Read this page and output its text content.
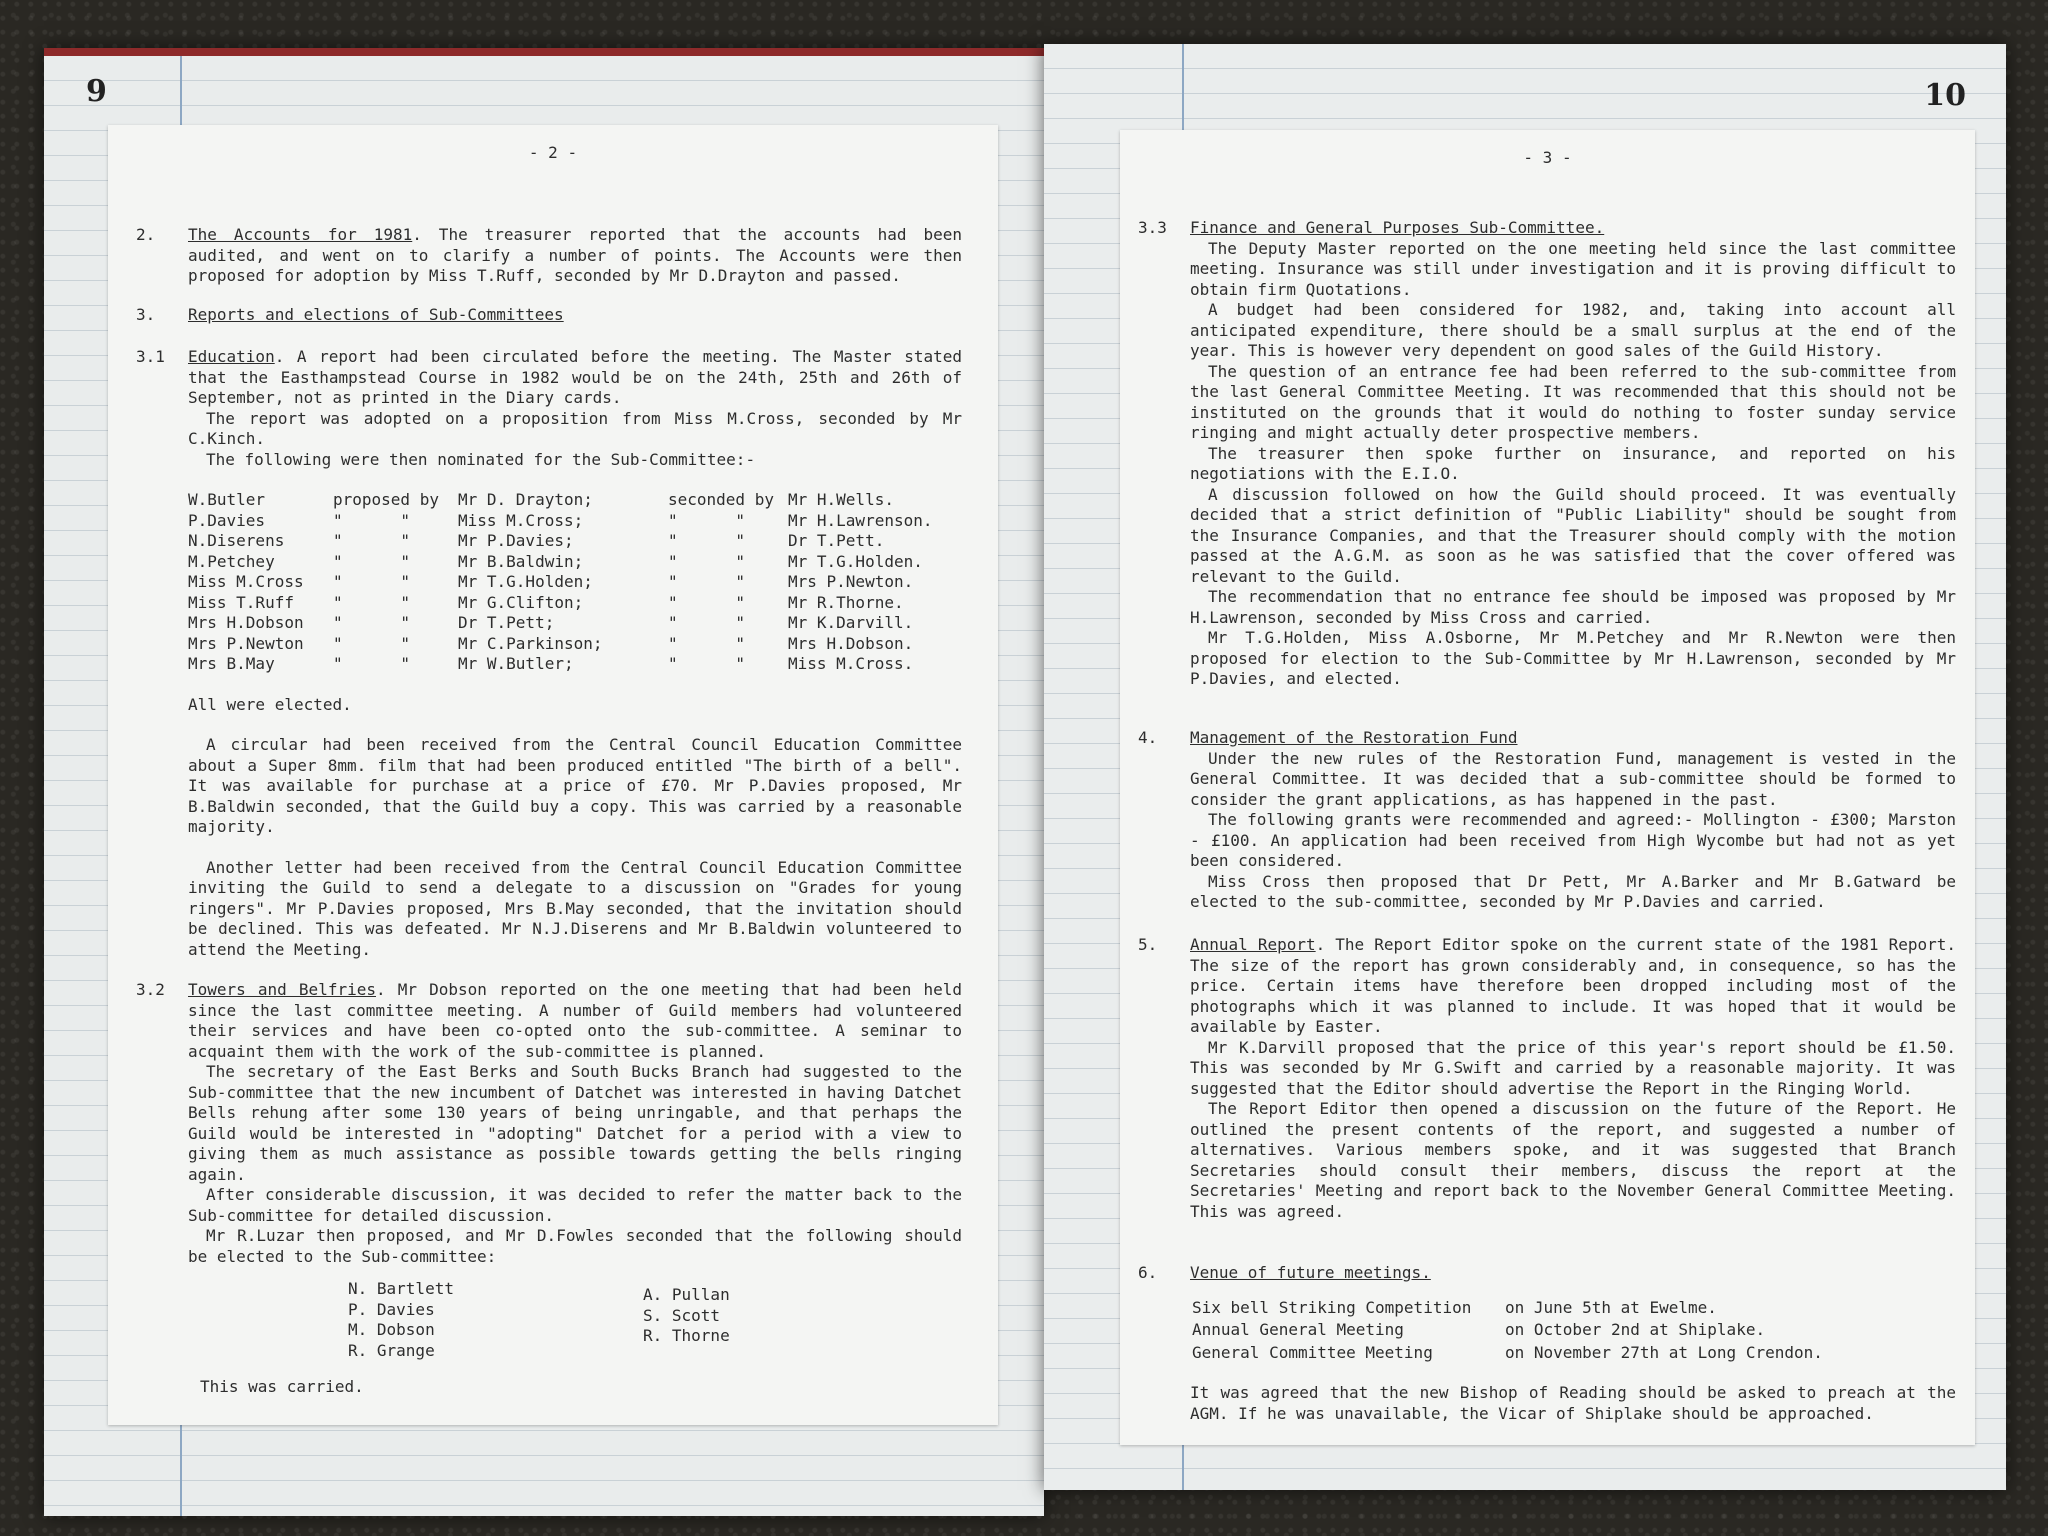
9	10
- 2 -
2.	The Accounts for 1981. The treasurer reported that the accounts had been audited, and went on to clarify a number of points. The Accounts were then proposed for adoption by Miss T.Ruff, seconded by Mr D.Drayton and passed.
3.	Reports and elections of Sub-Committees
3.1	Education. A report had been circulated before the meeting. The Master stated that the Easthampstead Course in 1982 would be on the 24th, 25th and 26th of September, not as printed in the Diary cards.

The report was adopted on a proposition from Miss M.Cross, seconded by Mr C.Kinch.

The following were then nominated for the Sub-Committee:-

W.Butler	proposed by	Mr D. Drayton;	seconded by	Mr H.Wells.
P.Davies	"      "	Miss M.Cross;	"      "	Mr H.Lawrenson.
N.Diserens	"      "	Mr P.Davies;	"      "	Dr T.Pett.
M.Petchey	"      "	Mr B.Baldwin;	"      "	Mr T.G.Holden.
Miss M.Cross	"      "	Mr T.G.Holden;	"      "	Mrs P.Newton.
Miss T.Ruff	"      "	Mr G.Clifton;	"      "	Mr R.Thorne.
Mrs H.Dobson	"      "	Dr T.Pett;	"      "	Mr K.Darvill.
Mrs P.Newton	"      "	Mr C.Parkinson;	"      "	Mrs H.Dobson.
Mrs B.May	"      "	Mr W.Butler;	"      "	Miss M.Cross.

All were elected.

A circular had been received from the Central Council Education Committee about a Super 8mm. film that had been produced entitled "The birth of a bell". It was available for purchase at a price of £70. Mr P.Davies proposed, Mr B.Baldwin seconded, that the Guild buy a copy. This was carried by a reasonable majority.

Another letter had been received from the Central Council Education Committee inviting the Guild to send a delegate to a discussion on "Grades for young ringers". Mr P.Davies proposed, Mrs B.May seconded, that the invitation should be declined. This was defeated. Mr N.J.Diserens and Mr B.Baldwin volunteered to attend the Meeting.

3.2	Towers and Belfries. Mr Dobson reported on the one meeting that had been held since the last committee meeting. A number of Guild members had volunteered their services and have been co-opted onto the sub-committee. A seminar to acquaint them with the work of the sub-committee is planned.

The secretary of the East Berks and South Bucks Branch had suggested to the Sub-committee that the new incumbent of Datchet was interested in having Datchet Bells rehung after some 130 years of being unringable, and that perhaps the Guild would be interested in "adopting" Datchet for a period with a view to giving them as much assistance as possible towards getting the bells ringing again.

After considerable discussion, it was decided to refer the matter back to the Sub-committee for detailed discussion.

Mr R.Luzar then proposed, and Mr D.Fowles seconded that the following should be elected to the Sub-committee:

N. Bartlett
P. Davies
M. Dobson
R. Grange
A. Pullan
S. Scott
R. Thorne

This was carried.

- 3 -
3.3	Finance and General Purposes Sub-Committee.

The Deputy Master reported on the one meeting held since the last committee meeting. Insurance was still under investigation and it is proving difficult to obtain firm Quotations.

A budget had been considered for 1982, and, taking into account all anticipated expenditure, there should be a small surplus at the end of the year. This is however very dependent on good sales of the Guild History.

The question of an entrance fee had been referred to the sub-committee from the last General Committee Meeting. It was recommended that this should not be instituted on the grounds that it would do nothing to foster sunday service ringing and might actually deter prospective members.

The treasurer then spoke further on insurance, and reported on his negotiations with the E.I.O.

A discussion followed on how the Guild should proceed. It was eventually decided that a strict definition of "Public Liability" should be sought from the Insurance Companies, and that the Treasurer should comply with the motion passed at the A.G.M. as soon as he was satisfied that the cover offered was relevant to the Guild.

The recommendation that no entrance fee should be imposed was proposed by Mr H.Lawrenson, seconded by Miss Cross and carried.

Mr T.G.Holden, Miss A.Osborne, Mr M.Petchey and Mr R.Newton were then proposed for election to the Sub-Committee by Mr H.Lawrenson, seconded by Mr P.Davies, and elected.

4.	Management of the Restoration Fund

Under the new rules of the Restoration Fund, management is vested in the General Committee. It was decided that a sub-committee should be formed to consider the grant applications, as has happened in the past.

The following grants were recommended and agreed:- Mollington - £300; Marston - £100. An application had been received from High Wycombe but had not as yet been considered.

Miss Cross then proposed that Dr Pett, Mr A.Barker and Mr B.Gatward be elected to the sub-committee, seconded by Mr P.Davies and carried.

5.	Annual Report. The Report Editor spoke on the current state of the 1981 Report. The size of the report has grown considerably and, in consequence, so has the price. Certain items have therefore been dropped including most of the photographs which it was planned to include. It was hoped that it would be available by Easter.

Mr K.Darvill proposed that the price of this year's report should be £1.50. This was seconded by Mr G.Swift and carried by a reasonable majority. It was suggested that the Editor should advertise the Report in the Ringing World.

The Report Editor then opened a discussion on the future of the Report. He outlined the present contents of the report, and suggested a number of alternatives. Various members spoke, and it was suggested that Branch Secretaries should consult their members, discuss the report at the Secretaries' Meeting and report back to the November General Committee Meeting. This was agreed.

6.	Venue of future meetings.
Six bell Striking Competition	on June 5th at Ewelme.
Annual General Meeting	on October 2nd at Shiplake.
General Committee Meeting	on November 27th at Long Crendon.

It was agreed that the new Bishop of Reading should be asked to preach at the AGM. If he was unavailable, the Vicar of Shiplake should be approached.
